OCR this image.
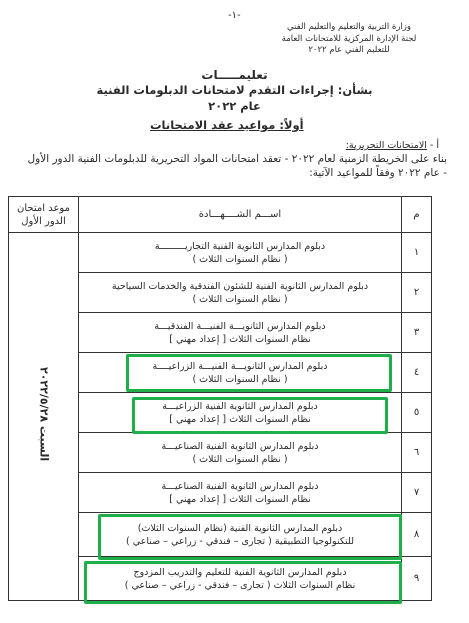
-١-
وزارة التربية والتعليم والتعليم الفني
لجنة الإدارة المركزية للامتحانات العامة
للتعليم الفني عام ٢٠٢٢
تعليمـــــات
بشأن: إجراءات التقدم لامتحانات الدبلومات الفنية
عام ٢٠٢٢
أولاً: مواعيد عقد الامتحانات
أ - الامتحانات التحريرية:
بناء على الخريطة الزمنية لعام ٢٠٢٢ - تعقد امتحانات المواد التحريرية للدبلومات الفنية الدور الأول - عام ٢٠٢٢ وفقاً للمواعيد الآتية:
م	اســـم الشــــهـــادة	موعد امتحان الدور الأول
١	دبلوم المدارس الثانوية الفنية التجاريـــــــــة
( نظام السنوات الثلاث )	السبت ٢٠٢٢/٥/٢٨
٢	دبلوم المدارس الثانوية الفنية للشئون الفندقية والخدمات السياحية
( نظام السنوات الثلاث )	

٣	دبلوم المدارس الثانويـــة الفنيـــة الفندقيـــة
نظام السنوات الثلاث [ إعداد مهني ]	

٤	دبلوم المدارس الثانويـــة الفنيـــة الزراعيــــة
( نظام السنوات الثلاث )	

٥	دبلوم المدارس الثانوية الفنية الزراعيـــة
نظام السنوات الثلاث [ إعداد مهني ]	

٦	دبلوم المدارس الثانوية الفنية الصناعيـــة
( نظام السنوات الثلاث )	

٧	دبلوم المدارس الثانوية الفنية الصناعيـــة
نظام السنوات الثلاث [ إعداد مهني ]	

٨	دبلوم المدارس الثانوية الفنية (نظام السنوات الثلاث)
للتكنولوجيا التطبيقية ( تجارى – فندقي - زراعي – صناعي )	

٩	دبلوم المدارس الثانوية الفنية للتعليم والتدريب المزدوج
نظام السنوات الثلاث ( تجارى – فندقي - زراعي – صناعي )	
